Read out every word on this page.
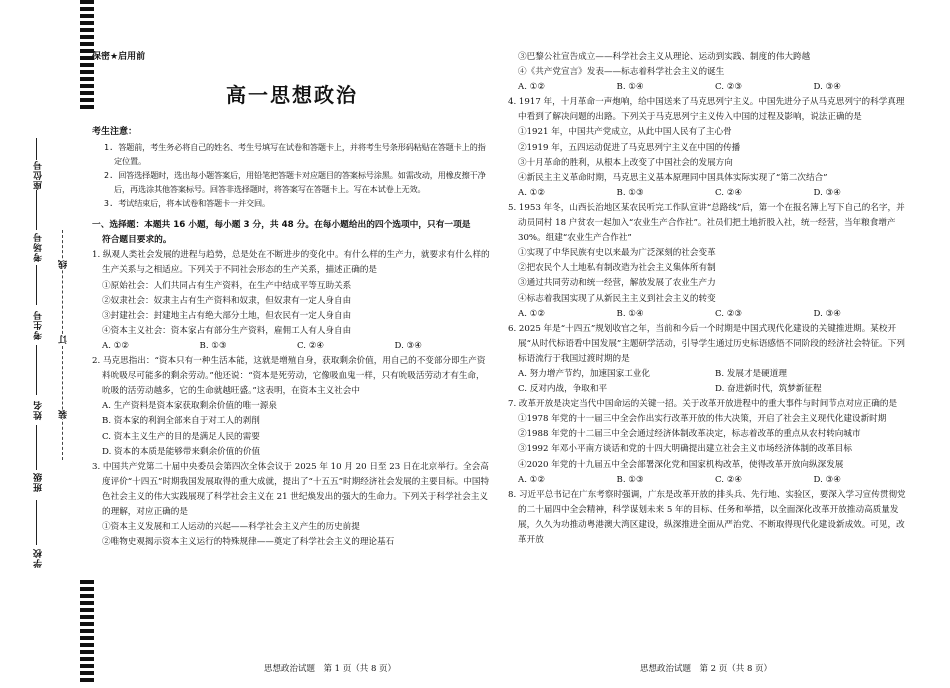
座位号
考场号
考生号
姓名
班级
学校
线
订
装
保密★启用前
高一思想政治
考生注意：
1. 答题前，考生务必将自己的姓名、考生号填写在试卷和答题卡上，并将考生号条形码粘贴在答题卡上的指定位置。
2. 回答选择题时，选出每小题答案后，用铅笔把答题卡对应题目的答案标号涂黑。如需改动，用橡皮擦干净后，再选涂其他答案标号。回答非选择题时，将答案写在答题卡上。写在本试卷上无效。
3. 考试结束后，将本试卷和答题卡一并交回。
一、选择题：本题共 16 小题，每小题 3 分，共 48 分。在每小题给出的四个选项中，只有一项是
符合题目要求的。
1. 纵观人类社会发展的进程与趋势，总是处在不断进步的变化中。有什么样的生产力，就要求有什么样的生产关系与之相适应。下列关于不同社会形态的生产关系，描述正确的是
①原始社会：人们共同占有生产资料，在生产中结成平等互助关系
②奴隶社会：奴隶主占有生产资料和奴隶，但奴隶有一定人身自由
③封建社会：封建地主占有绝大部分土地，但农民有一定人身自由
④资本主义社会：资本家占有部分生产资料，雇佣工人有人身自由
A. ①②	B. ①③	C. ②④	D. ③④
2. 马克思指出：“资本只有一种生活本能，这就是增殖自身，获取剩余价值，用自己的不变部分即生产资料吮吸尽可能多的剩余劳动。”他还说：“资本是死劳动，它像吸血鬼一样，只有吮吸活劳动才有生命，吮吸的活劳动越多，它的生命就越旺盛。”这表明，在资本主义社会中
A. 生产资料是资本家获取剩余价值的唯一源泉
B. 资本家的利润全部来自于对工人的剥削
C. 资本主义生产的目的是满足人民的需要
D. 资本的本质是能够带来剩余价值的价值
3. 中国共产党第二十届中央委员会第四次全体会议于 2025 年 10 月 20 日至 23 日在北京举行。全会高度评价“十四五”时期我国发展取得的重大成就，提出了“十五五”时期经济社会发展的主要目标。中国特色社会主义的伟大实践展现了科学社会主义在 21 世纪焕发出的强大的生命力。下列关于科学社会主义的理解，对应正确的是
①资本主义发展和工人运动的兴起——科学社会主义产生的历史前提
②唯物史观揭示资本主义运行的特殊规律——奠定了科学社会主义的理论基石
③巴黎公社宣告成立——科学社会主义从理论、运动到实践、制度的伟大跨越
④《共产党宣言》发表——标志着科学社会主义的诞生
A. ①②	B. ①④	C. ②③	D. ③④
4. 1917 年，十月革命一声炮响，给中国送来了马克思列宁主义。中国先进分子从马克思列宁的科学真理中看到了解决问题的出路。下列关于马克思列宁主义传入中国的过程及影响，说法正确的是
①1921 年，中国共产党成立，从此中国人民有了主心骨
②1919 年，五四运动促进了马克思列宁主义在中国的传播
③十月革命的胜利，从根本上改变了中国社会的发展方向
④新民主主义革命时期，马克思主义基本原理同中国具体实际实现了“第二次结合”
A. ①②	B. ①③	C. ②④	D. ③④
5. 1953 年冬，山西长治地区某农民听完工作队宣讲“总路线”后，第一个在报名簿上写下自己的名字，并动员同村 18 户贫农一起加入“农业生产合作社”。社员们把土地折股入社，统一经营，当年粮食增产 30%。组建“农业生产合作社”
①实现了中华民族有史以来最为广泛深刻的社会变革
②把农民个人土地私有制改造为社会主义集体所有制
③通过共同劳动和统一经营，解放发展了农业生产力
④标志着我国实现了从新民主主义到社会主义的转变
A. ①②	B. ①④	C. ②③	D. ③④
6. 2025 年是“十四五”规划收官之年，当前和今后一个时期是中国式现代化建设的关键推进期。某校开展“从时代标语看中国发展”主题研学活动，引导学生通过历史标语感悟不同阶段的经济社会特征。下列标语流行于我国过渡时期的是
A. 努力增产节约，加速国家工业化	B. 发展才是硬道理
C. 反对内战，争取和平	D. 奋进新时代，筑梦新征程
7. 改革开放是决定当代中国命运的关键一招。关于改革开放进程中的重大事件与时间节点对应正确的是
①1978 年党的十一届三中全会作出实行改革开放的伟大决策，开启了社会主义现代化建设新时期
②1988 年党的十二届三中全会通过经济体制改革决定，标志着改革的重点从农村转向城市
③1992 年邓小平南方谈话和党的十四大明确提出建立社会主义市场经济体制的改革目标
④2020 年党的十九届五中全会部署深化党和国家机构改革，使得改革开放向纵深发展
A. ①②	B. ①③	C. ②④	D. ③④
8. 习近平总书记在广东考察时强调，广东是改革开放的排头兵、先行地、实验区，要深入学习宣传贯彻党的二十届四中全会精神，科学谋划未来 5 年的目标、任务和举措，以全面深化改革开放推动高质量发展，久久为功推动粤港澳大湾区建设，纵深推进全面从严治党、不断取得现代化建设新成效。可见，改革开放
思想政治试题　第 1 页（共 8 页）	思想政治试题　第 2 页（共 8 页）
